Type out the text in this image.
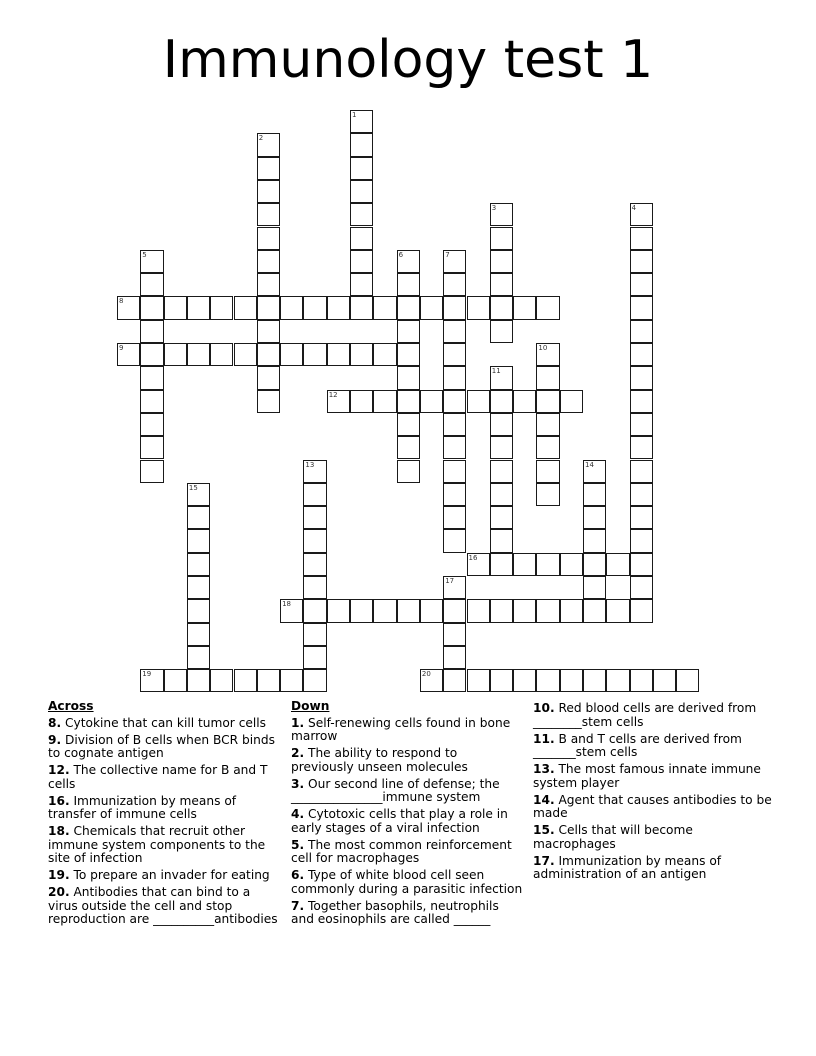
Immunology test 1
1
2
3	4
5	6	7
8
9	10
11
12
13	14
15
16
17
18
19	20
Across
8. Cytokine that can kill tumor cells
9. Division of B cells when BCR binds to cognate antigen
12. The collective name for B and T cells
16. Immunization by means of transfer of immune cells
18. Chemicals that recruit other immune system components to the site of infection
19. To prepare an invader for eating
20. Antibodies that can bind to a virus outside the cell and stop reproduction are __________antibodies
Down
1. Self-renewing cells found in bone marrow
2. The ability to respond to previously unseen molecules
3. Our second line of defense; the _______________immune system
4. Cytotoxic cells that play a role in early stages of a viral infection
5. The most common reinforcement cell for macrophages
6. Type of white blood cell seen commonly during a parasitic infection
7. Together basophils, neutrophils and eosinophils are called ______
10. Red blood cells are derived from ________stem cells
11. B and T cells are derived from _______stem cells
13. The most famous innate immune system player
14. Agent that causes antibodies to be made
15. Cells that will become macrophages
17. Immunization by means of administration of an antigen
